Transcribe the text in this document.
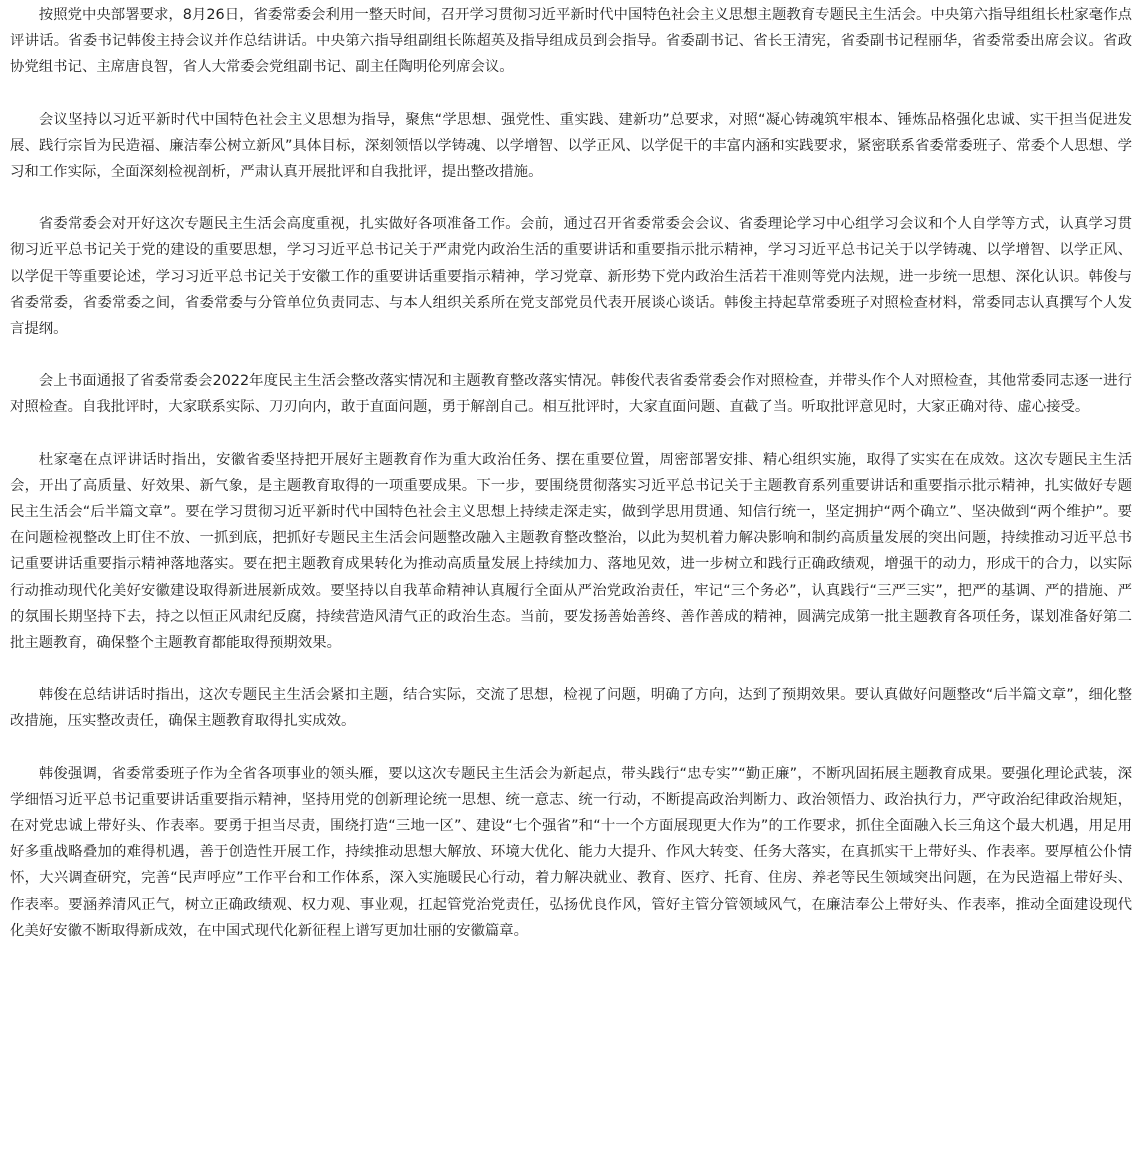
按照党中央部署要求，8月26日，省委常委会利用一整天时间，召开学习贯彻习近平新时代中国特色社会主义思想主题教育专题民主生活会。中央第六指导组组长杜家毫作点评讲话。省委书记韩俊主持会议并作总结讲话。中央第六指导组副组长陈超英及指导组成员到会指导。省委副书记、省长王清宪，省委副书记程丽华，省委常委出席会议。省政协党组书记、主席唐良智，省人大常委会党组副书记、副主任陶明伦列席会议。

会议坚持以习近平新时代中国特色社会主义思想为指导，聚焦“学思想、强党性、重实践、建新功”总要求，对照“凝心铸魂筑牢根本、锤炼品格强化忠诚、实干担当促进发展、践行宗旨为民造福、廉洁奉公树立新风”具体目标，深刻领悟以学铸魂、以学增智、以学正风、以学促干的丰富内涵和实践要求，紧密联系省委常委班子、常委个人思想、学习和工作实际，全面深刻检视剖析，严肃认真开展批评和自我批评，提出整改措施。

省委常委会对开好这次专题民主生活会高度重视，扎实做好各项准备工作。会前，通过召开省委常委会会议、省委理论学习中心组学习会议和个人自学等方式，认真学习贯彻习近平总书记关于党的建设的重要思想，学习习近平总书记关于严肃党内政治生活的重要讲话和重要指示批示精神，学习习近平总书记关于以学铸魂、以学增智、以学正风、以学促干等重要论述，学习习近平总书记关于安徽工作的重要讲话重要指示精神，学习党章、新形势下党内政治生活若干准则等党内法规，进一步统一思想、深化认识。韩俊与省委常委，省委常委之间，省委常委与分管单位负责同志、与本人组织关系所在党支部党员代表开展谈心谈话。韩俊主持起草常委班子对照检查材料，常委同志认真撰写个人发言提纲。

会上书面通报了省委常委会2022年度民主生活会整改落实情况和主题教育整改落实情况。韩俊代表省委常委会作对照检查，并带头作个人对照检查，其他常委同志逐一进行对照检查。自我批评时，大家联系实际、刀刃向内，敢于直面问题，勇于解剖自己。相互批评时，大家直面问题、直截了当。听取批评意见时，大家正确对待、虚心接受。

杜家毫在点评讲话时指出，安徽省委坚持把开展好主题教育作为重大政治任务、摆在重要位置，周密部署安排、精心组织实施，取得了实实在在成效。这次专题民主生活会，开出了高质量、好效果、新气象，是主题教育取得的一项重要成果。下一步，要围绕贯彻落实习近平总书记关于主题教育系列重要讲话和重要指示批示精神，扎实做好专题民主生活会“后半篇文章”。要在学习贯彻习近平新时代中国特色社会主义思想上持续走深走实，做到学思用贯通、知信行统一，坚定拥护“两个确立”、坚决做到“两个维护”。要在问题检视整改上盯住不放、一抓到底，把抓好专题民主生活会问题整改融入主题教育整改整治，以此为契机着力解决影响和制约高质量发展的突出问题，持续推动习近平总书记重要讲话重要指示精神落地落实。要在把主题教育成果转化为推动高质量发展上持续加力、落地见效，进一步树立和践行正确政绩观，增强干的动力，形成干的合力，以实际行动推动现代化美好安徽建设取得新进展新成效。要坚持以自我革命精神认真履行全面从严治党政治责任，牢记“三个务必”，认真践行“三严三实”，把严的基调、严的措施、严的氛围长期坚持下去，持之以恒正风肃纪反腐，持续营造风清气正的政治生态。当前，要发扬善始善终、善作善成的精神，圆满完成第一批主题教育各项任务，谋划准备好第二批主题教育，确保整个主题教育都能取得预期效果。

韩俊在总结讲话时指出，这次专题民主生活会紧扣主题，结合实际，交流了思想，检视了问题，明确了方向，达到了预期效果。要认真做好问题整改“后半篇文章”，细化整改措施，压实整改责任，确保主题教育取得扎实成效。

韩俊强调，省委常委班子作为全省各项事业的领头雁，要以这次专题民主生活会为新起点，带头践行“忠专实”“勤正廉”，不断巩固拓展主题教育成果。要强化理论武装，深学细悟习近平总书记重要讲话重要指示精神，坚持用党的创新理论统一思想、统一意志、统一行动，不断提高政治判断力、政治领悟力、政治执行力，严守政治纪律政治规矩，在对党忠诚上带好头、作表率。要勇于担当尽责，围绕打造“三地一区”、建设“七个强省”和“十一个方面展现更大作为”的工作要求，抓住全面融入长三角这个最大机遇，用足用好多重战略叠加的难得机遇，善于创造性开展工作，持续推动思想大解放、环境大优化、能力大提升、作风大转变、任务大落实，在真抓实干上带好头、作表率。要厚植公仆情怀，大兴调查研究，完善“民声呼应”工作平台和工作体系，深入实施暖民心行动，着力解决就业、教育、医疗、托育、住房、养老等民生领域突出问题，在为民造福上带好头、作表率。要涵养清风正气，树立正确政绩观、权力观、事业观，扛起管党治党责任，弘扬优良作风，管好主管分管领域风气，在廉洁奉公上带好头、作表率，推动全面建设现代化美好安徽不断取得新成效，在中国式现代化新征程上谱写更加壮丽的安徽篇章。
